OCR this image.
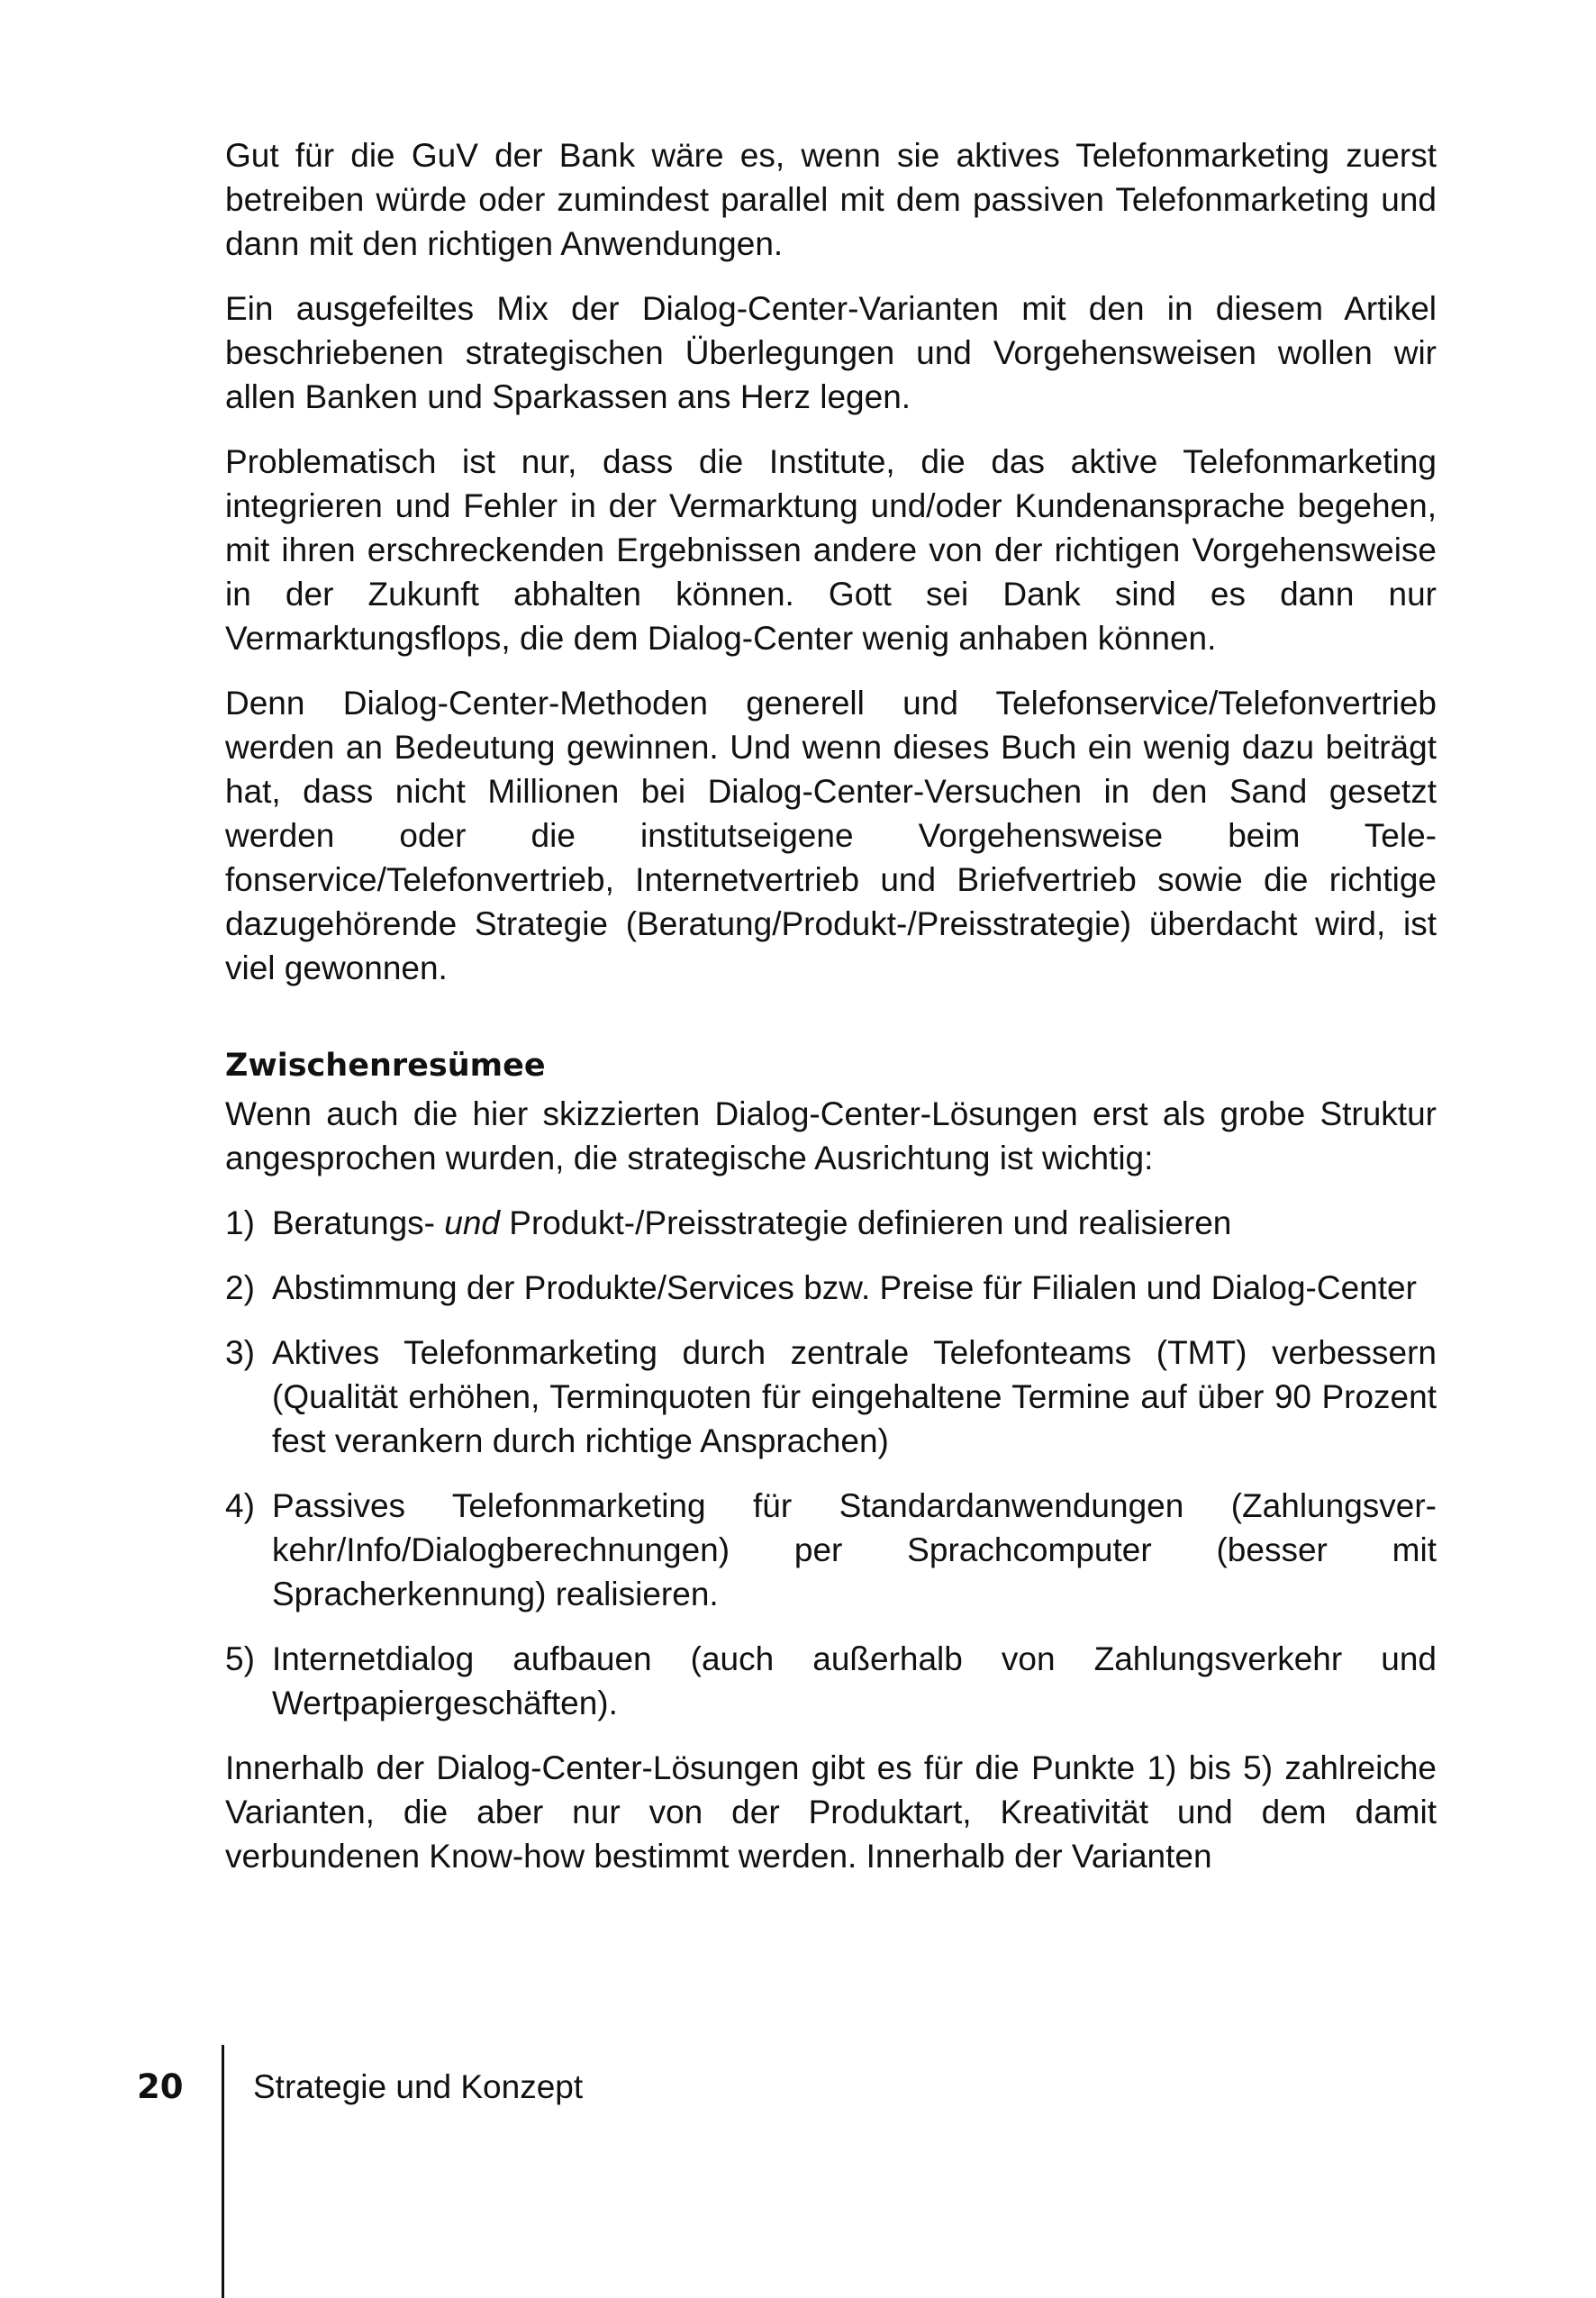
Gut für die GuV der Bank wäre es, wenn sie aktives Telefonmarketing zuerst betreiben würde oder zumindest parallel mit dem passiven Telefonmarketing und dann mit den richtigen Anwendungen.

Ein ausgefeiltes Mix der Dialog-Center-Varianten mit den in diesem Artikel beschriebenen strategischen Überlegungen und Vorgehensweisen wollen wir allen Banken und Sparkassen ans Herz legen.

Problematisch ist nur, dass die Institute, die das aktive Telefonmarketing integrieren und Fehler in der Vermarktung und/oder Kundenansprache begehen, mit ihren erschreckenden Ergebnissen andere von der richtigen Vorgehensweise in der Zukunft abhalten können. Gott sei Dank sind es dann nur Vermarktungsflops, die dem Dialog-Center wenig anhaben können.

Denn Dialog-Center-Methoden generell und Telefonservice/Telefonvertrieb werden an Bedeutung gewinnen. Und wenn dieses Buch ein wenig dazu beiträgt hat, dass nicht Millionen bei Dialog-Center-Versuchen in den Sand gesetzt werden oder die institutseigene Vorgehensweise beim Telefonservice/Telefonvertrieb, Internetvertrieb und Briefvertrieb sowie die richtige dazugehörende Strategie (Beratung/Produkt-/Preisstrategie) überdacht wird, ist viel gewonnen.

Zwischenresümee

Wenn auch die hier skizzierten Dialog-Center-Lösungen erst als grobe Struktur angesprochen wurden, die strategische Ausrichtung ist wichtig:

1) Beratungs- und Produkt-/Preisstrategie definieren und realisieren
2) Abstimmung der Produkte/Services bzw. Preise für Filialen und Dialog-Center
3) Aktives Telefonmarketing durch zentrale Telefonteams (TMT) verbessern (Qualität erhöhen, Terminquoten für eingehaltene Termine auf über 90 Prozent fest verankern durch richtige Ansprachen)
4) Passives Telefonmarketing für Standardanwendungen (Zahlungsverkehr/Info/Dialogberechnungen) per Sprachcomputer (besser mit Spracherkennung) realisieren.
5) Internetdialog aufbauen (auch außerhalb von Zahlungsverkehr und Wertpapiergeschäften).

Innerhalb der Dialog-Center-Lösungen gibt es für die Punkte 1) bis 5) zahlreiche Varianten, die aber nur von der Produktart, Kreativität und dem damit verbundenen Know-how bestimmt werden. Innerhalb der Varianten

20 Strategie und Konzept
